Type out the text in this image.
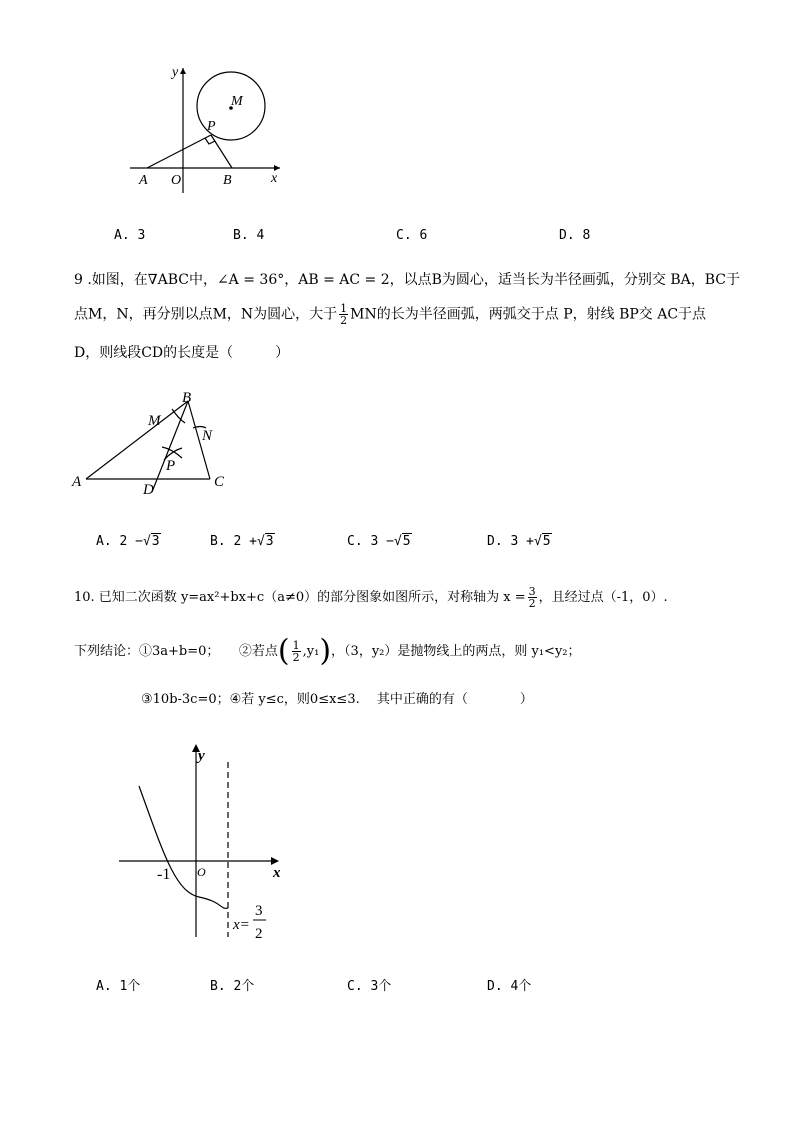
y
x
M
P
A O	B
A. 3	B. 4	C. 6	D. 8
9 .如图，在∇ABC中，∠A = 36°，AB = AC = 2，以点B为圆心，适当长为半径画弧，分别交 BA，BC于
点M，N，再分别以点M，N为圆心，大于 $\frac{1}{2}$ MN的长为半径画弧，两弧交于点 P，射线 BP交 AC于点
D，则线段CD的长度是（　　　）
B
M
N
P
A	D	C
A. 2 −√3	B. 2 +√3	C. 3 −√5	D. 3 +√5
10. 已知二次函数 y=ax²+bx+c（a≠0）的部分图象如图所示，对称轴为 $x = \frac{3}{2}$ ，且经过点（-1，0）.
下列结论：①3a+b=0；　　②若点( $\frac{1}{2} ,y_1$)，（3，y₂）是抛物线上的两点，则 y₁<y₂；
③10b-3c=0；④若 y≤c，则0≤x≤3.　 其中正确的有（　　　　）
y
x
O
-1
x=
3
2
A. 1个	B. 2个	C. 3个	D. 4个
